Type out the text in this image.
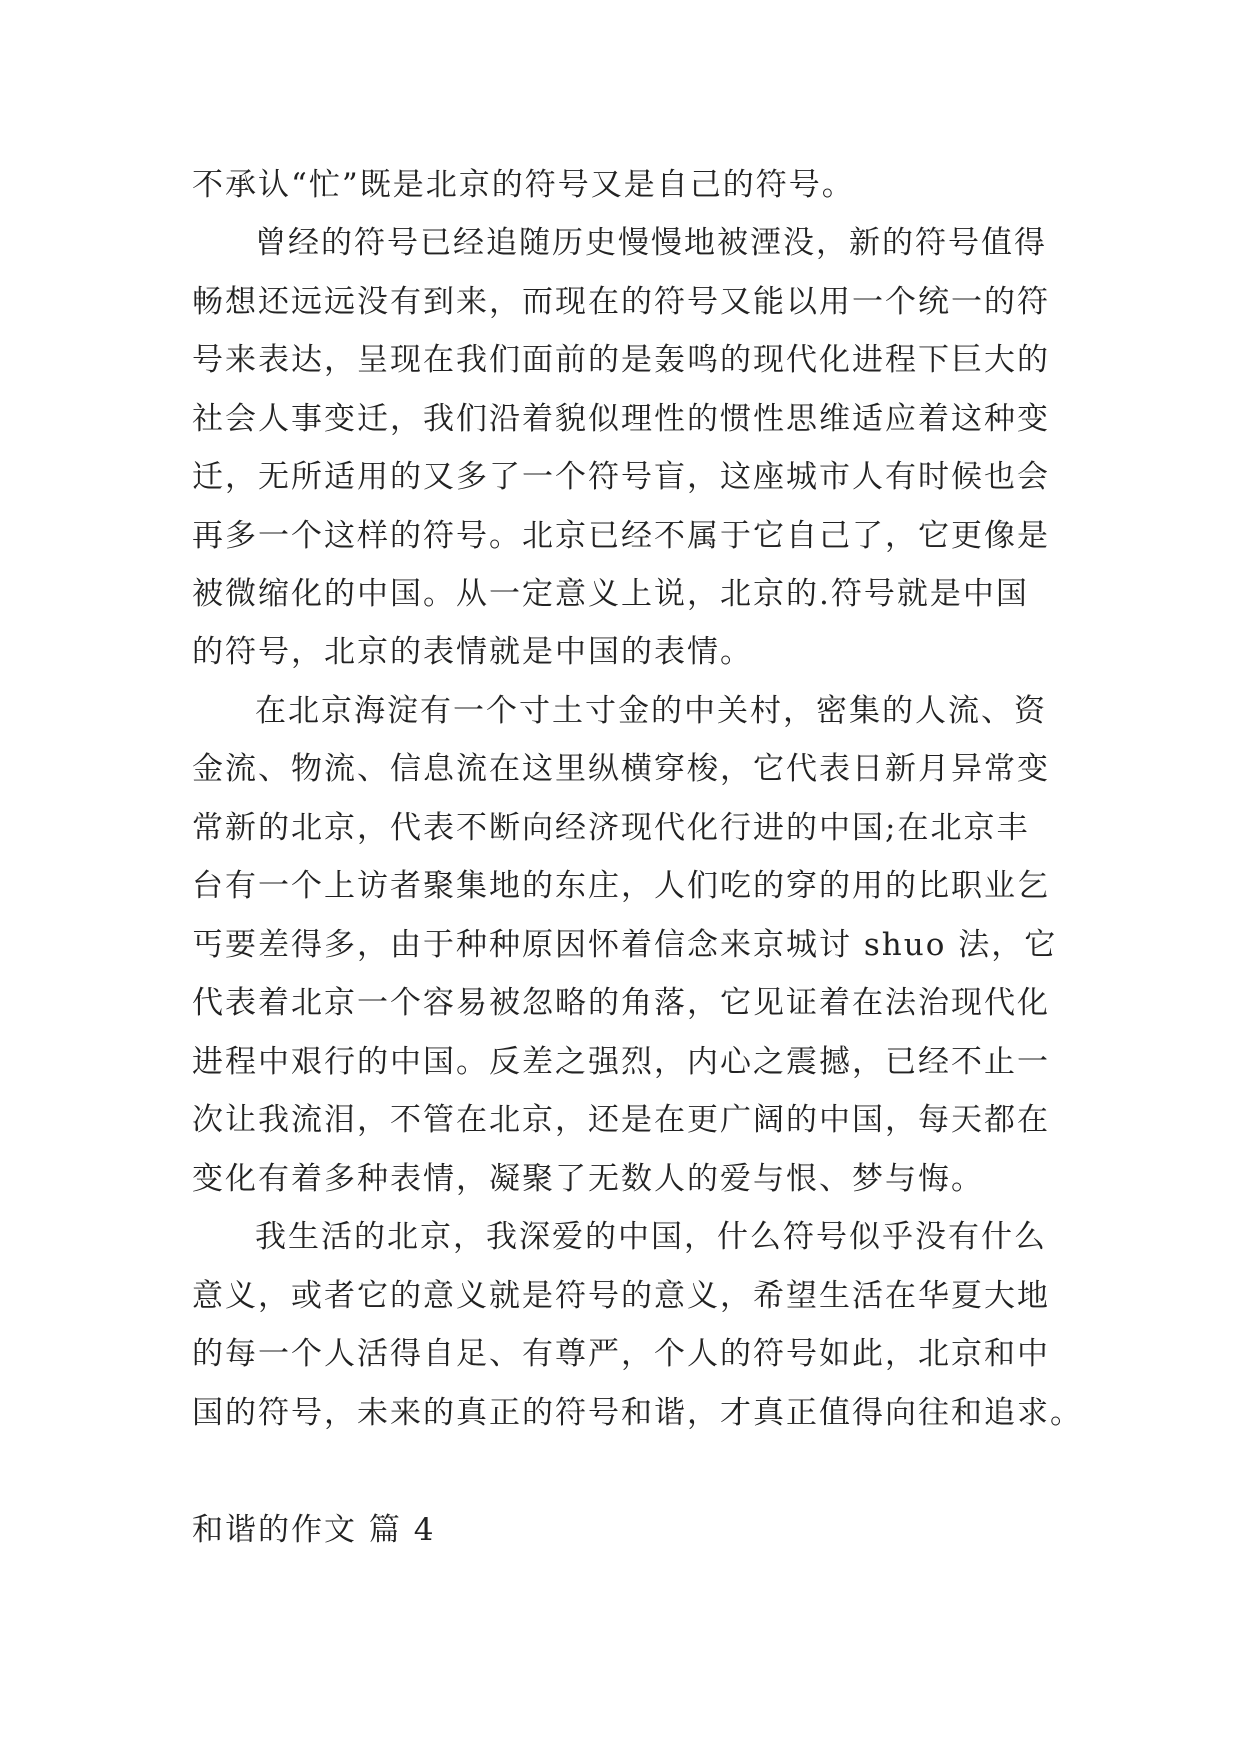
不承认“忙”既是北京的符号又是自己的符号。
曾经的符号已经追随历史慢慢地被湮没，新的符号值得
畅想还远远没有到来，而现在的符号又能以用一个统一的符
号来表达，呈现在我们面前的是轰鸣的现代化进程下巨大的
社会人事变迁，我们沿着貌似理性的惯性思维适应着这种变
迁，无所适用的又多了一个符号盲，这座城市人有时候也会
再多一个这样的符号。北京已经不属于它自己了，它更像是
被微缩化的中国。从一定意义上说，北京的.符号就是中国
的符号，北京的表情就是中国的表情。
在北京海淀有一个寸土寸金的中关村，密集的人流、资
金流、物流、信息流在这里纵横穿梭，它代表日新月异常变
常新的北京，代表不断向经济现代化行进的中国;在北京丰
台有一个上访者聚集地的东庄，人们吃的穿的用的比职业乞
丐要差得多，由于种种原因怀着信念来京城讨 shuo 法，它
代表着北京一个容易被忽略的角落，它见证着在法治现代化
进程中艰行的中国。反差之强烈，内心之震撼，已经不止一
次让我流泪，不管在北京，还是在更广阔的中国，每天都在
变化有着多种表情，凝聚了无数人的爱与恨、梦与悔。
我生活的北京，我深爱的中国，什么符号似乎没有什么
意义，或者它的意义就是符号的意义，希望生活在华夏大地
的每一个人活得自足、有尊严，个人的符号如此，北京和中
国的符号，未来的真正的符号和谐，才真正值得向往和追求。
和谐的作文 篇 4
